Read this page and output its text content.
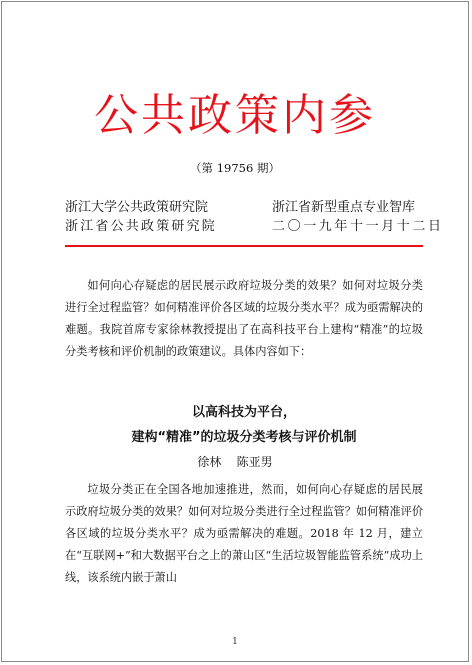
公共政策内参
（第 19756 期）
浙江大学公共政策研究院
浙江省公共政策研究院
浙江省新型重点专业智库
二〇一九年十一月十二日

如何向心存疑虑的居民展示政府垃圾分类的效果？如何对垃圾分类进行全过程监管？如何精准评价各区域的垃圾分类水平？成为亟需解决的难题。我院首席专家徐林教授提出了在高科技平台上建构“精准”的垃圾分类考核和评价机制的政策建议。具体内容如下：

以高科技为平台，
建构“精准”的垃圾分类考核与评价机制
徐林    陈亚男

垃圾分类正在全国各地加速推进，然而，如何向心存疑虑的居民展示政府垃圾分类的效果？如何对垃圾分类进行全过程监管？如何精准评价各区域的垃圾分类水平？成为亟需解决的难题。2018 年 12 月，建立在“互联网+”和大数据平台之上的萧山区“生活垃圾智能监管系统”成功上线，该系统内嵌于萧山

1
